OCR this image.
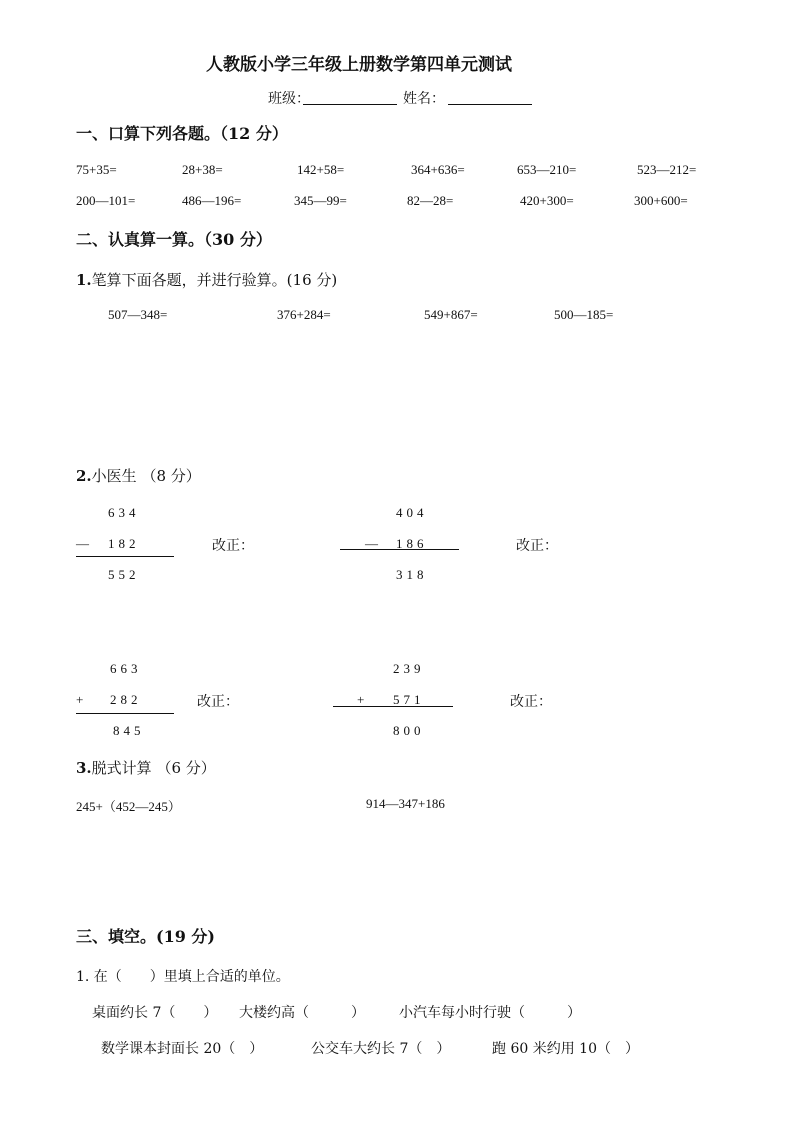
人教版小学三年级上册数学第四单元测试
班级：	姓名：
一、口算下列各题。（12 分）
75+35=	28+38=	142+58=	364+636=	653—210=	523—212=
200—101=	486—196=	345—99=	82—28=	420+300=	300+600=
二、认真算一算。（30 分）
1.笔算下面各题，并进行验算。(16 分)
507—348=	376+284=	549+867=	500—185=
2.小医生 （8 分）
634
— 182
552
改正：
404
— 186
318
改正：
663
+ 282
845
改正：
239
+ 571
800
改正：
3.脱式计算 （6 分）
245+（452—245）	914—347+186
三、填空。(19 分)
1. 在（　　）里填上合适的单位。
桌面约长 7（　　） 大楼约高（　　　） 小汽车每小时行驶（　　　）
数学课本封面长 20（　）	公交车大约长 7（　）	跑 60 米约用 10（　）
